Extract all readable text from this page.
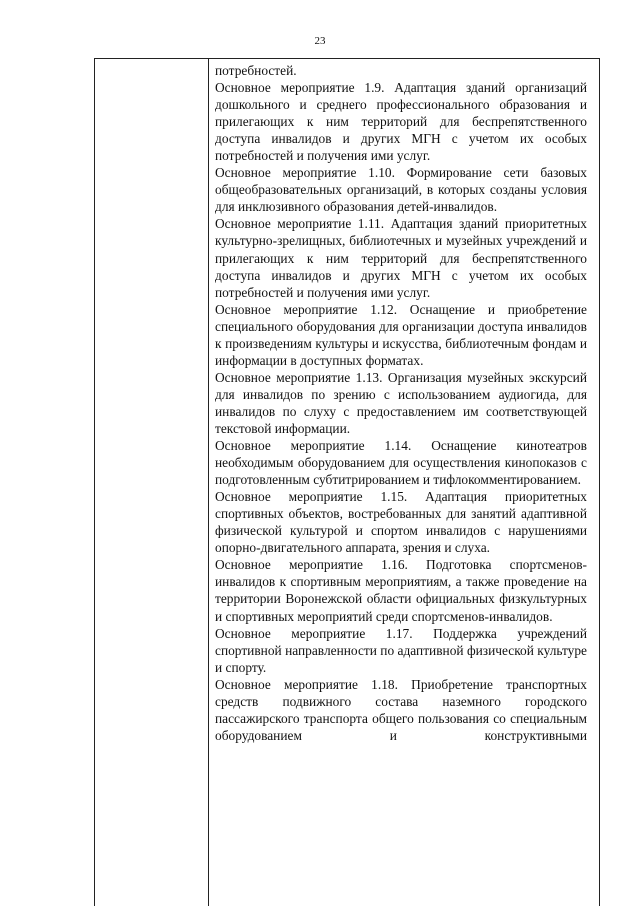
23

потребностей.

Основное мероприятие 1.9. Адаптация зданий организаций дошкольного и среднего профессионального образования и прилегающих к ним территорий для беспрепятственного доступа инвалидов и других МГН с учетом их особых потребностей и получения ими услуг.

Основное мероприятие 1.10. Формирование сети базовых общеобразовательных организаций, в которых созданы условия для инклюзивного образования детей-инвалидов.

Основное мероприятие 1.11. Адаптация зданий приоритетных культурно-зрелищных, библиотечных и музейных учреждений и прилегающих к ним территорий для беспрепятственного доступа инвалидов и других МГН с учетом их особых потребностей и получения ими услуг.

Основное мероприятие 1.12. Оснащение и приобретение специального оборудования для организации доступа инвалидов к произведениям культуры и искусства, библиотечным фондам и информации в доступных форматах.

Основное мероприятие 1.13. Организация музейных экскурсий для инвалидов по зрению с использованием аудиогида, для инвалидов по слуху с предоставлением им соответствующей текстовой информации.

Основное мероприятие 1.14. Оснащение кинотеатров необходимым оборудованием для осуществления кинопоказов с подготовленным субтитрированием и тифлокомментированием.

Основное мероприятие 1.15. Адаптация приоритетных спортивных объектов, востребованных для занятий адаптивной физической культурой и спортом инвалидов с нарушениями опорно-двигательного аппарата, зрения и слуха.

Основное мероприятие 1.16. Подготовка спортсменов-инвалидов к спортивным мероприятиям, а также проведение на территории Воронежской области официальных физкультурных и спортивных мероприятий среди спортсменов-инвалидов.

Основное мероприятие 1.17. Поддержка учреждений спортивной направленности по адаптивной физической культуре и спорту.

Основное мероприятие 1.18. Приобретение транспортных средств подвижного состава наземного городского пассажирского транспорта общего пользования со специальным оборудованием и конструктивными
